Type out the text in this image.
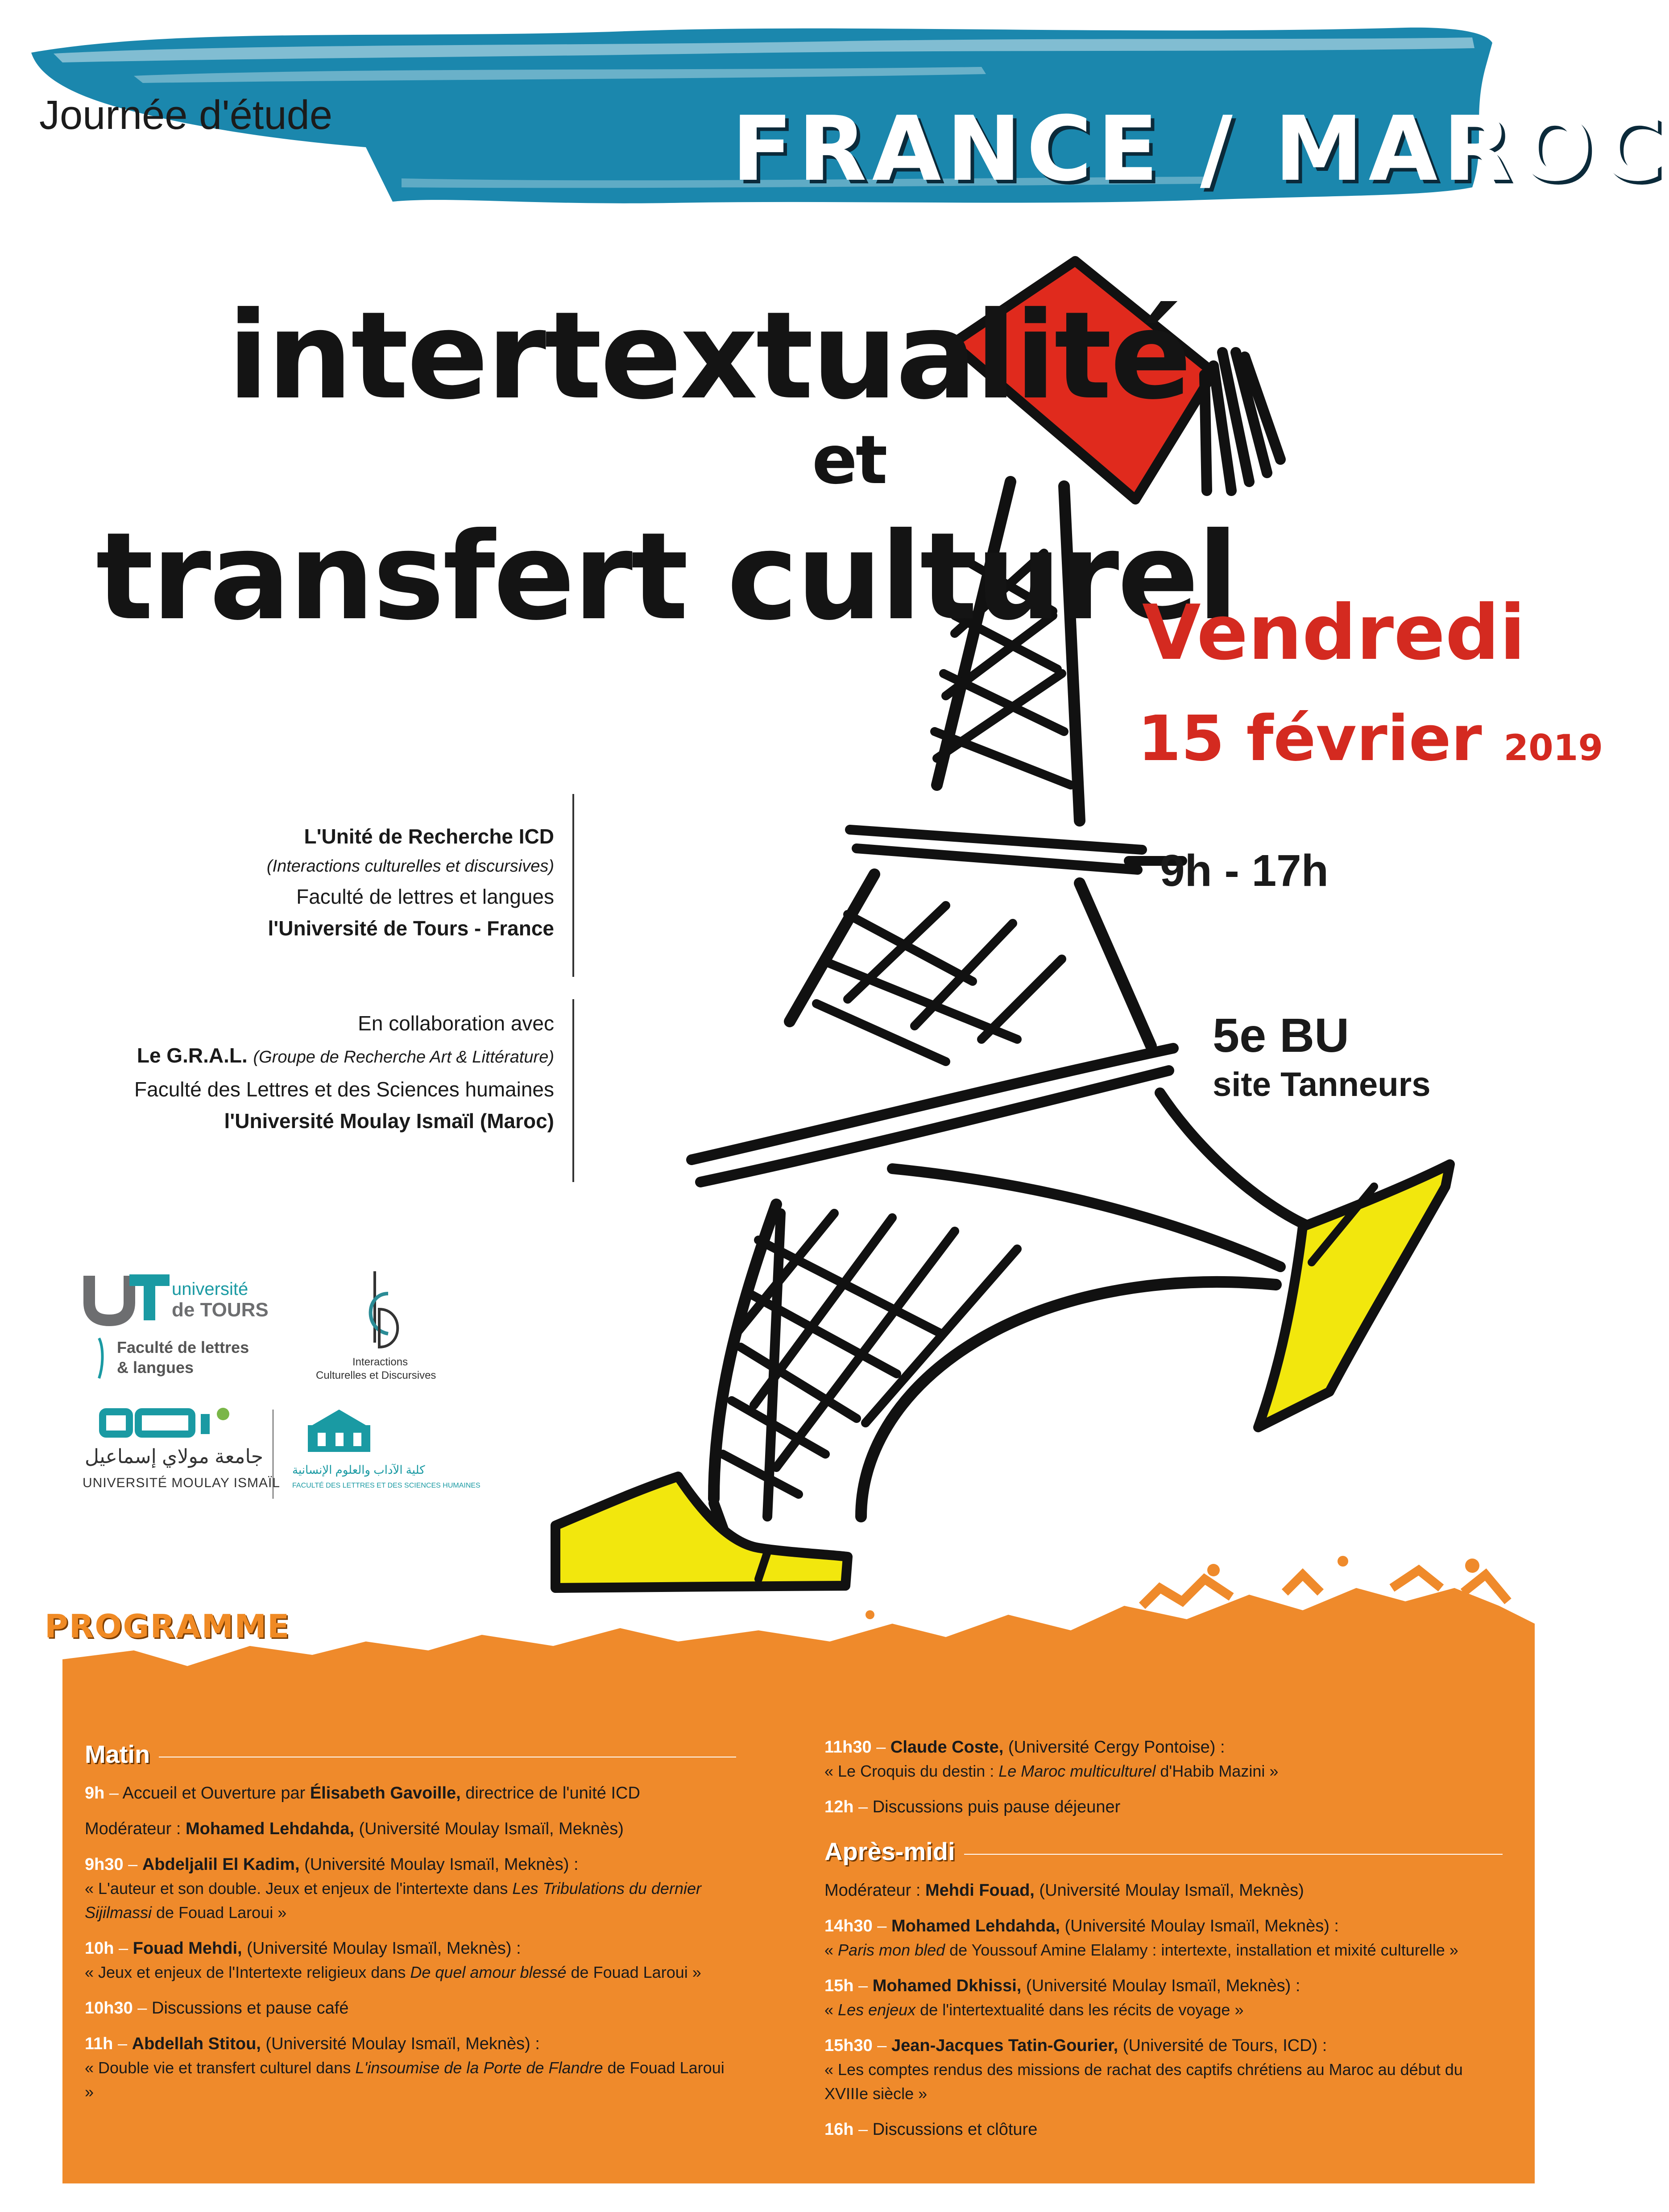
Journée d'étude	FRANCE / MAROC
intertextualité
et
transfert culturel
Vendredi
15 février 2019
9h - 17h
5e BU
site Tanneurs
L'Unité de Recherche ICD
(Interactions culturelles et discursives)
Faculté de lettres et langues
l'Université de Tours - France
En collaboration avec
Le G.R.A.L. (Groupe de Recherche Art & Littérature)
Faculté des Lettres et des Sciences humaines
l'Université Moulay Ismaïl (Maroc)
université
de TOURS
Faculté de lettres
& langues	Interactions
Culturelles et Discursives
جامعة مولاي إسماعيل
UNIVERSITÉ MOULAY ISMAÏL
كلية الآداب والعلوم الإنسانية
FACULTÉ DES LETTRES ET DES SCIENCES HUMAINES
PROGRAMME
Matin
9h – Accueil et Ouverture par Élisabeth Gavoille, directrice de l'unité ICD
Modérateur : Mohamed Lehdahda, (Université Moulay Ismaïl, Meknès)
9h30 – Abdeljalil El Kadim, (Université Moulay Ismaïl, Meknès) :
« L'auteur et son double. Jeux et enjeux de l'intertexte dans Les Tribulations du dernier Sijilmassi de Fouad Laroui »
10h – Fouad Mehdi, (Université Moulay Ismaïl, Meknès) :
« Jeux et enjeux de l'Intertexte religieux dans De quel amour blessé de Fouad Laroui »
10h30 – Discussions et pause café
11h – Abdellah Stitou, (Université Moulay Ismaïl, Meknès) :
« Double vie et transfert culturel dans L'insoumise de la Porte de Flandre de Fouad Laroui »
11h30 – Claude Coste, (Université Cergy Pontoise) :
« Le Croquis du destin : Le Maroc multiculturel d'Habib Mazini »
12h – Discussions puis pause déjeuner
Après-midi
Modérateur : Mehdi Fouad, (Université Moulay Ismaïl, Meknès)
14h30 – Mohamed Lehdahda, (Université Moulay Ismaïl, Meknès) :
« Paris mon bled de Youssouf Amine Elalamy : intertexte, installation et mixité culturelle »
15h – Mohamed Dkhissi, (Université Moulay Ismaïl, Meknès) :
« Les enjeux de l'intertextualité dans les récits de voyage »
15h30 – Jean-Jacques Tatin-Gourier, (Université de Tours, ICD) :
« Les comptes rendus des missions de rachat des captifs chrétiens au Maroc au début du XVIIIe siècle »
16h – Discussions et clôture
